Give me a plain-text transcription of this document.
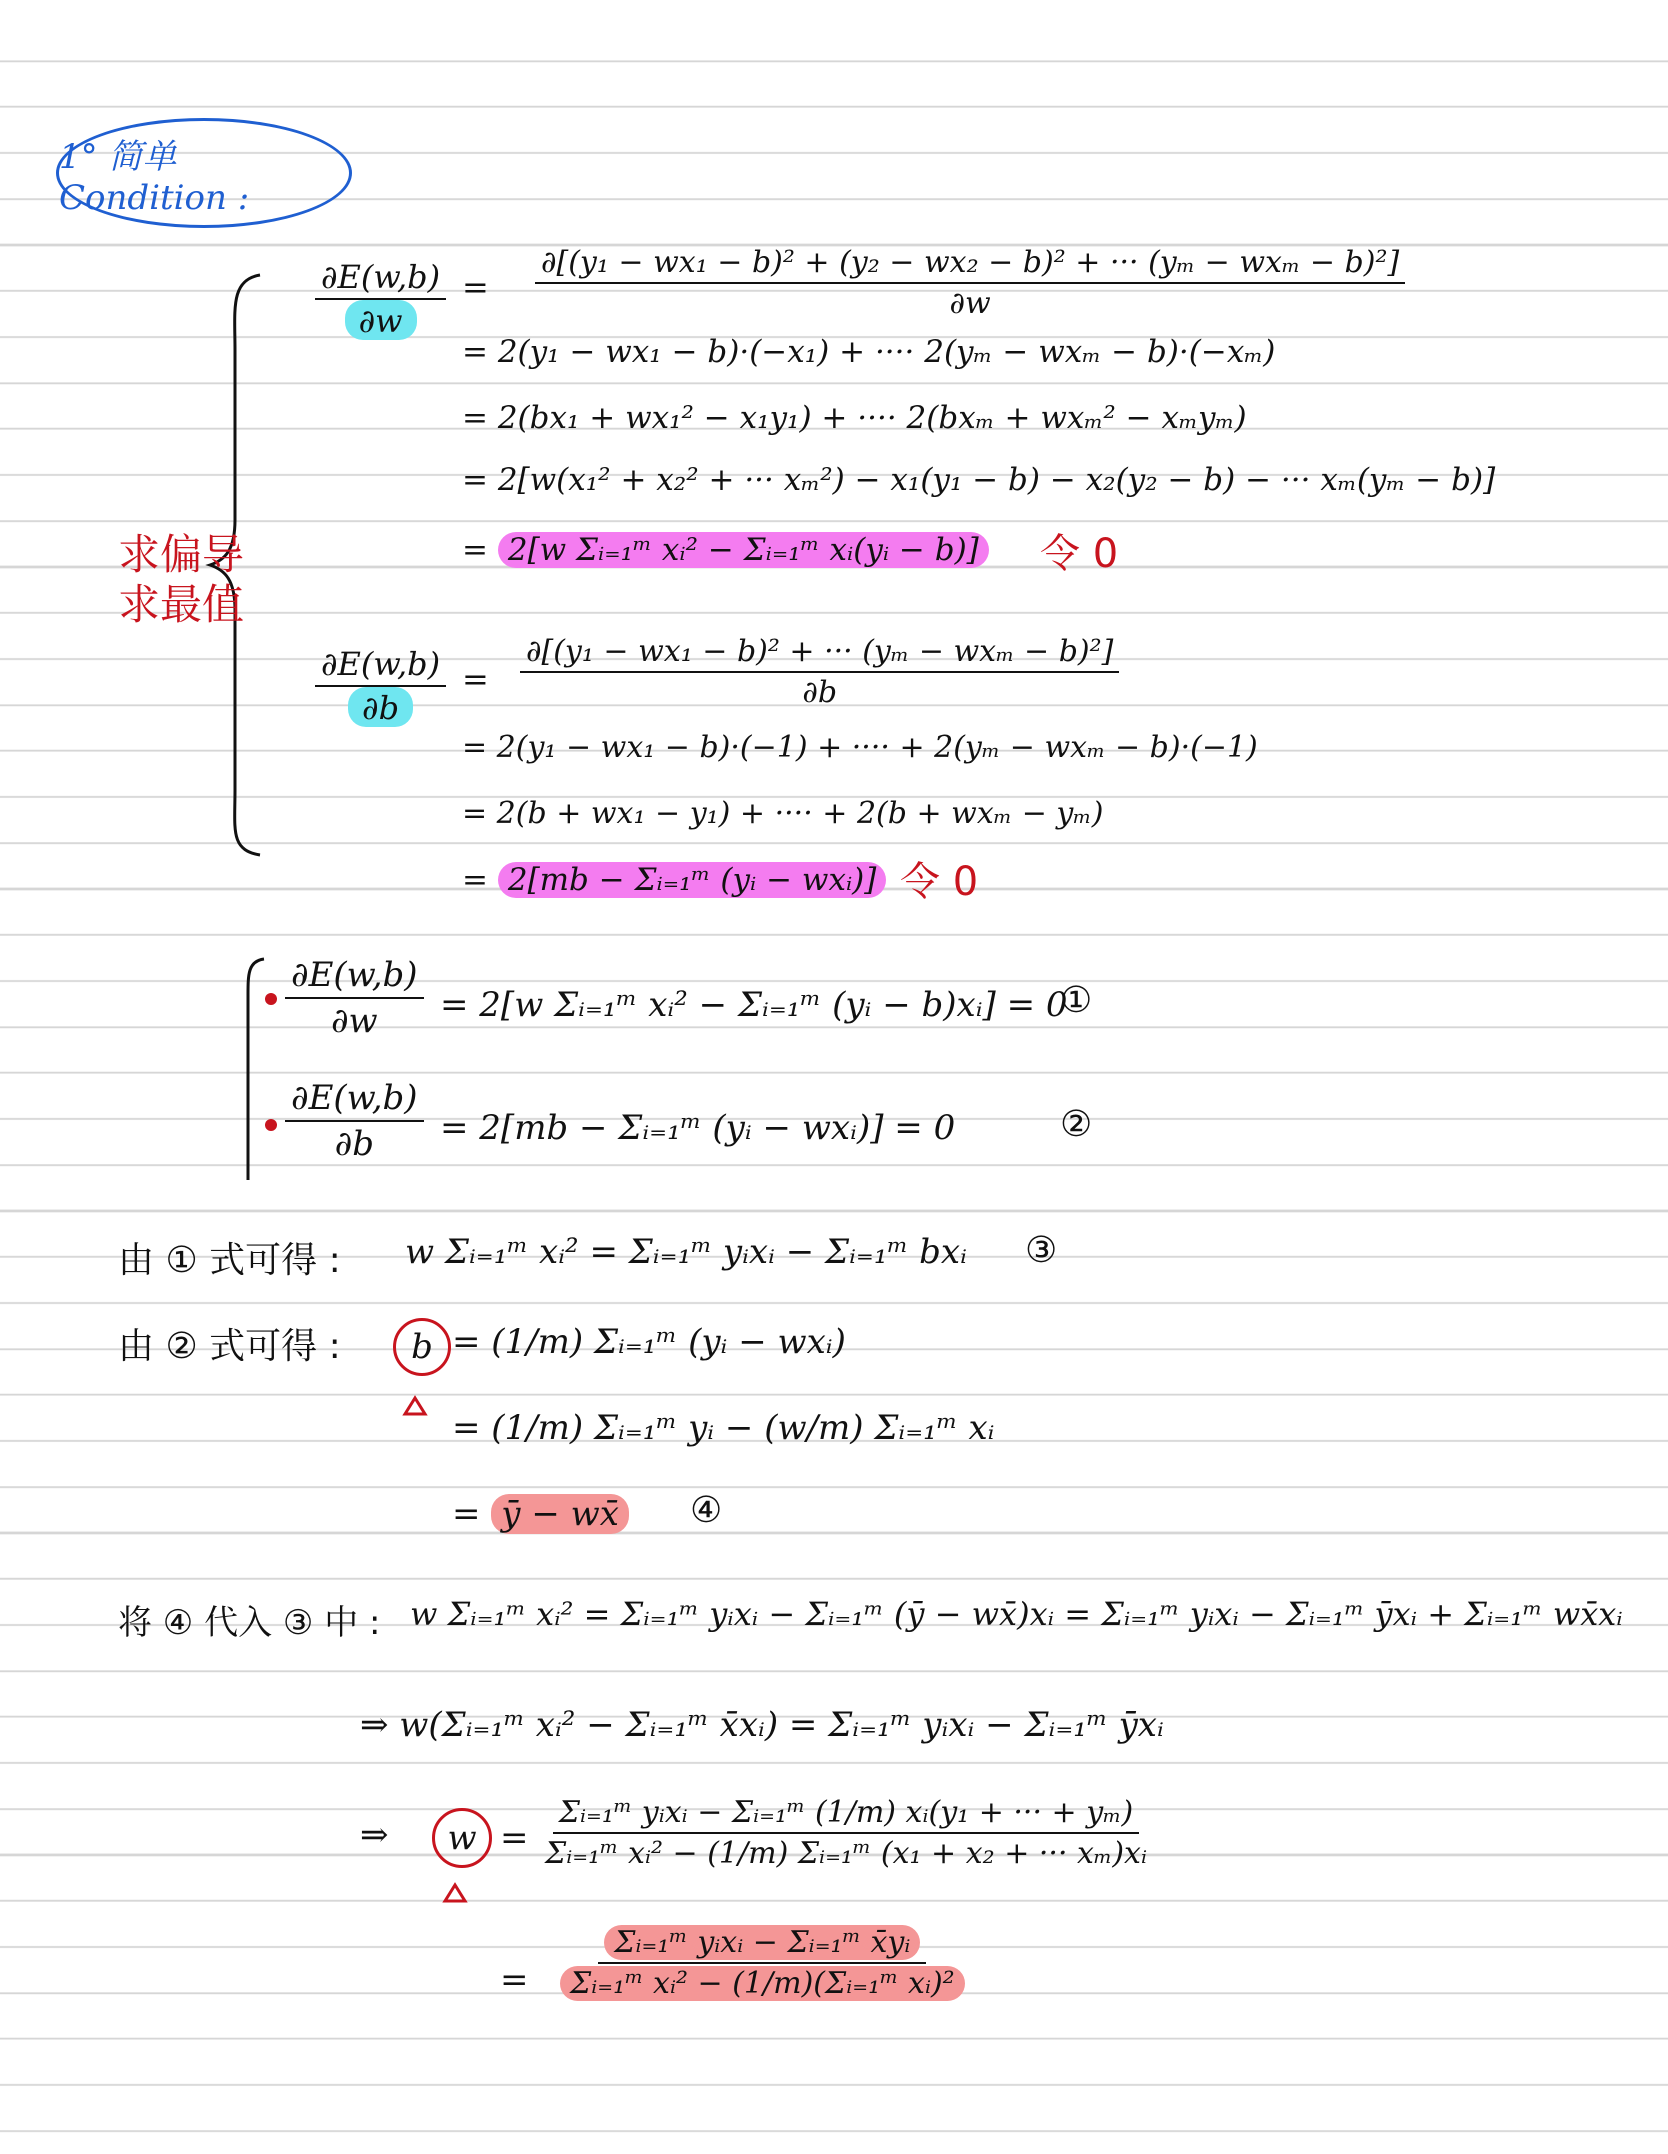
1° 简单 Condition :
求偏导
求最值
$\frac{\partial E(w,b)}{\partial w} = \frac{\text{∂[(y₁ − wx₁ − b)² + (y₂ − wx₂ − b)² + ··· (yₘ − wxₘ − b)²]}}{\partial w}$
= 2(y₁ − wx₁ − b)·(−x₁) + ···· 2(yₘ − wxₘ − b)·(−xₘ)
= 2(bx₁ + wx₁² − x₁y₁) + ···· 2(bxₘ + wxₘ² − xₘyₘ)
= 2[w(x₁² + x₂² + ··· xₘ²) − x₁(y₁ − b) − x₂(y₂ − b) − ··· xₘ(yₘ − b)]
= 2[w Σᵢ₌₁ᵐ xᵢ² − Σᵢ₌₁ᵐ xᵢ(yᵢ − b)] 令 0
$\frac{\partial E(w,b)}{\partial b} = \frac{\text{∂[(y₁ − wx₁ − b)² + ··· (yₘ − wxₘ − b)²]}}{\partial b}$
= 2(y₁ − wx₁ − b)·(−1) + ···· + 2(yₘ − wxₘ − b)·(−1)
= 2(b + wx₁ − y₁) + ···· + 2(b + wxₘ − yₘ)
= 2[mb − Σᵢ₌₁ᵐ (yᵢ − wxᵢ)] 令 0
$\frac{\partial E(w,b)}{\partial w} = 2[w$ Σᵢ₌₁ᵐ xᵢ² − Σᵢ₌₁ᵐ (yᵢ − b)xᵢ] = 0
①
$\frac{\partial E(w,b)}{\partial b} = 2[mb$ − Σᵢ₌₁ᵐ (yᵢ − wxᵢ)] = 0	②
由 ① 式可得 : w Σᵢ₌₁ᵐ xᵢ² = Σᵢ₌₁ᵐ yᵢxᵢ − Σᵢ₌₁ᵐ bxᵢ ③
由 ② 式可得 : b = (1/m) Σᵢ₌₁ᵐ (yᵢ − wxᵢ)
= (1/m) Σᵢ₌₁ᵐ yᵢ − (w/m) Σᵢ₌₁ᵐ xᵢ
= ȳ − wx̄ ④
将 ④ 代入 ③ 中 : w Σᵢ₌₁ᵐ xᵢ² = Σᵢ₌₁ᵐ yᵢxᵢ − Σᵢ₌₁ᵐ (ȳ − wx̄)xᵢ = Σᵢ₌₁ᵐ yᵢxᵢ − Σᵢ₌₁ᵐ ȳxᵢ + Σᵢ₌₁ᵐ wx̄xᵢ
⇒ w(Σᵢ₌₁ᵐ xᵢ² − Σᵢ₌₁ᵐ x̄xᵢ) = Σᵢ₌₁ᵐ yᵢxᵢ − Σᵢ₌₁ᵐ ȳxᵢ
⇒ $w = \frac{\text{Σᵢ₌₁ᵐ yᵢxᵢ − Σᵢ₌₁ᵐ (1/m) xᵢ(y₁ + ··· + yₘ)}}{\text{Σᵢ₌₁ᵐ xᵢ² − (1/m) Σᵢ₌₁ᵐ (x₁ + x₂ + ··· xₘ)xᵢ}}$
= $\frac{\text{Σᵢ₌₁ᵐ yᵢxᵢ − Σᵢ₌₁ᵐ x̄yᵢ}}{\text{Σᵢ₌₁ᵐ xᵢ² − (1/m)(Σᵢ₌₁ᵐ xᵢ)²}}$
